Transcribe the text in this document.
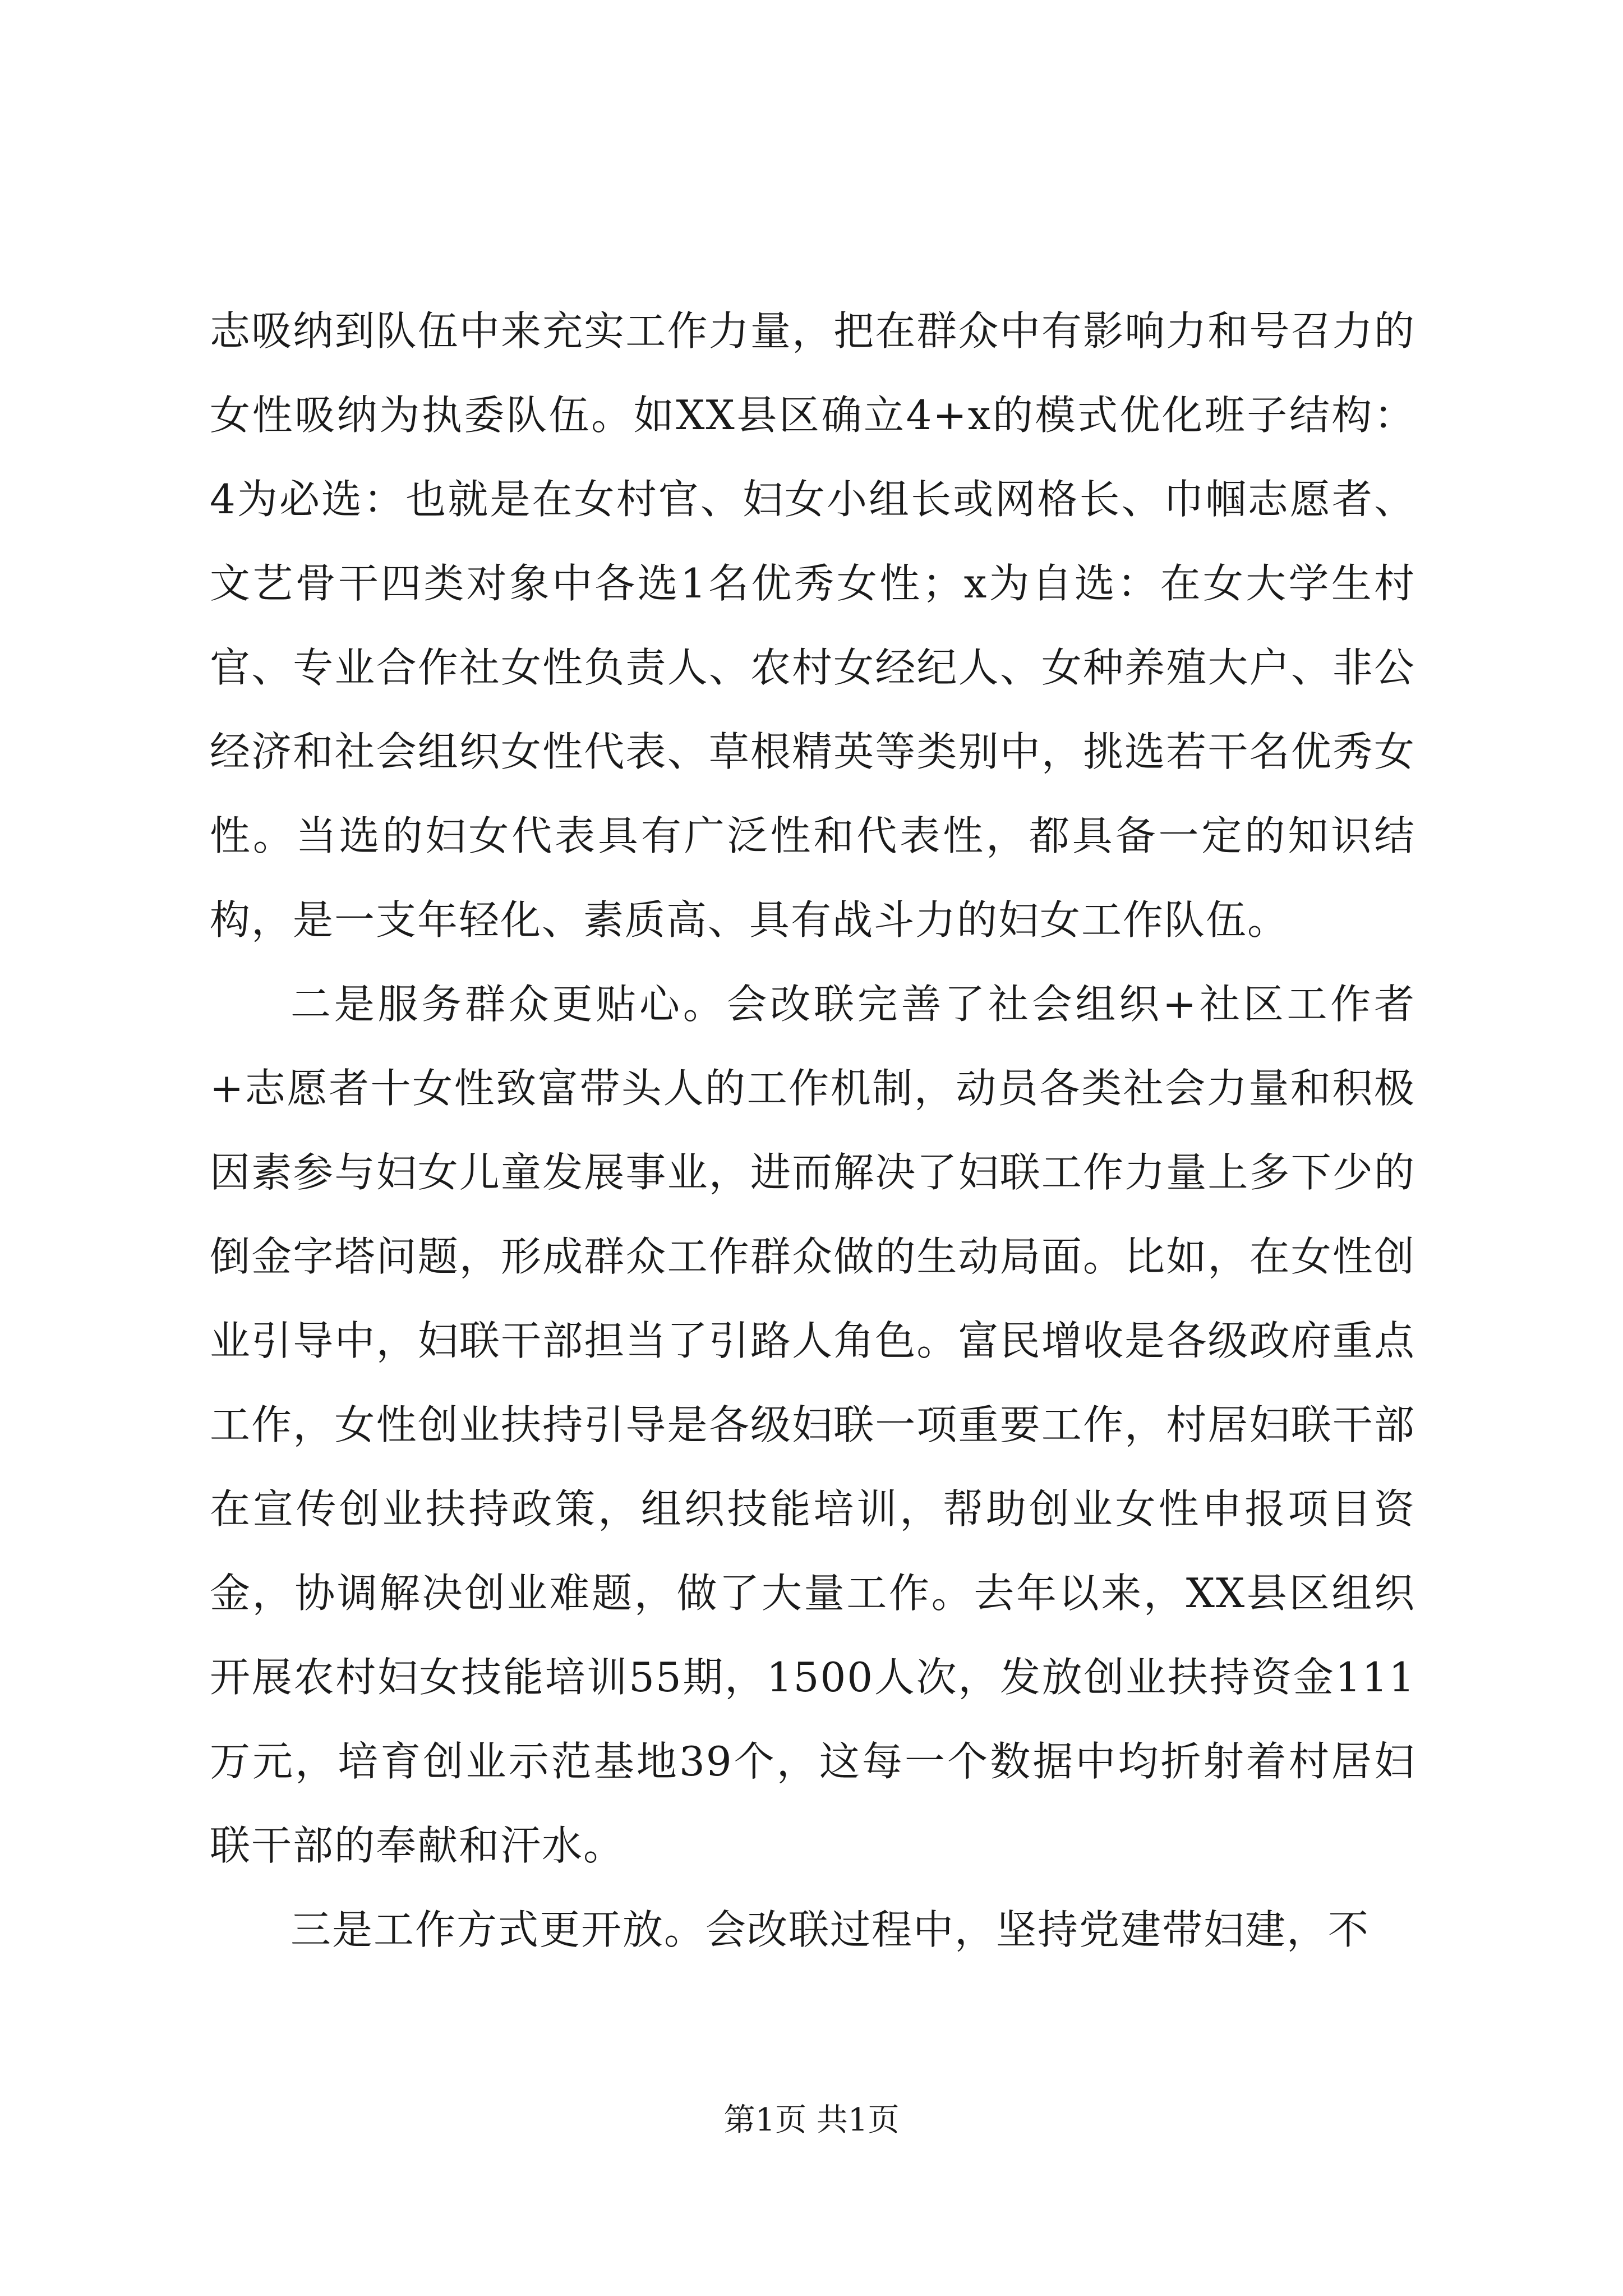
志吸纳到队伍中来充实工作力量，把在群众中有影响力和号召力的女性吸纳为执委队伍。如XX县区确立4+x的模式优化班子结构：4为必选：也就是在女村官、妇女小组长或网格长、巾帼志愿者、文艺骨干四类对象中各选1名优秀女性；x为自选：在女大学生村官、专业合作社女性负责人、农村女经纪人、女种养殖大户、非公经济和社会组织女性代表、草根精英等类别中，挑选若干名优秀女性。当选的妇女代表具有广泛性和代表性，都具备一定的知识结构，是一支年轻化、素质高、具有战斗力的妇女工作队伍。

二是服务群众更贴心。会改联完善了社会组织+社区工作者+志愿者十女性致富带头人的工作机制，动员各类社会力量和积极因素参与妇女儿童发展事业，进而解决了妇联工作力量上多下少的倒金字塔问题，形成群众工作群众做的生动局面。比如，在女性创业引导中，妇联干部担当了引路人角色。富民增收是各级政府重点工作，女性创业扶持引导是各级妇联一项重要工作，村居妇联干部在宣传创业扶持政策，组织技能培训，帮助创业女性申报项目资金，协调解决创业难题，做了大量工作。去年以来，XX县区组织开展农村妇女技能培训55期，1500人次，发放创业扶持资金111万元，培育创业示范基地39个，这每一个数据中均折射着村居妇联干部的奉献和汗水。

三是工作方式更开放。会改联过程中，坚持党建带妇建，不

第1页 共1页
